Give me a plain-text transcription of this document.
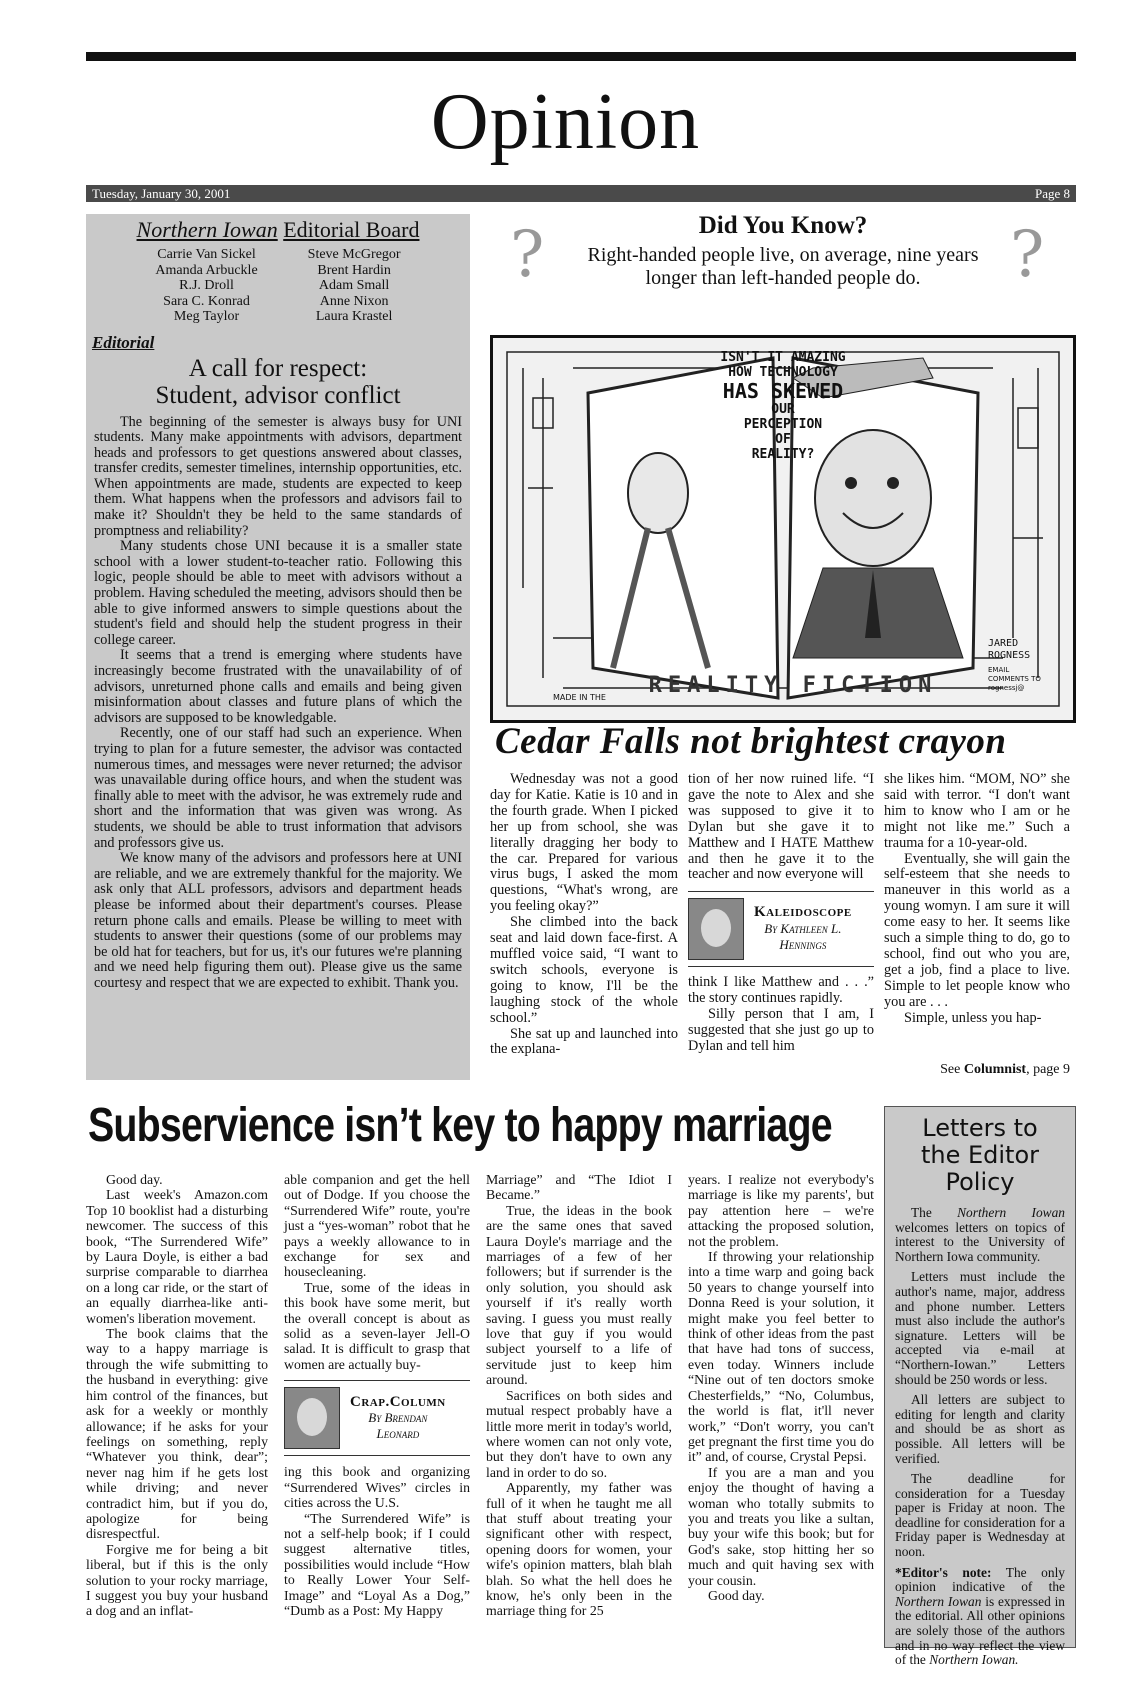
Opinion
Tuesday, January 30, 2001	Page 8
Northern Iowan Editorial Board
Carrie Van Sickel
Amanda Arbuckle
R.J. Droll
Sara C. Konrad
Meg Taylor
Steve McGregor
Brent Hardin
Adam Small
Anne Nixon
Laura Krastel
Editorial
A call for respect:
Student, advisor conflict

The beginning of the semester is always busy for UNI students. Many make appointments with advisors, department heads and professors to get questions answered about classes, transfer credits, semester timelines, internship opportunities, etc. When appointments are made, students are expected to keep them. What happens when the professors and advisors fail to make it? Shouldn't they be held to the same standards of promptness and reliability?

Many students chose UNI because it is a smaller state school with a lower student-to-teacher ratio. Following this logic, people should be able to meet with advisors without a problem. Having scheduled the meeting, advisors should then be able to give informed answers to simple questions about the student's field and should help the student progress in their college career.

It seems that a trend is emerging where students have increasingly become frustrated with the unavailability of of advisors, unreturned phone calls and emails and being given misinformation about classes and future plans of which the advisors are supposed to be knowledgable.

Recently, one of our staff had such an experience. When trying to plan for a future semester, the advisor was contacted numerous times, and messages were never returned; the advisor was unavailable during office hours, and when the student was finally able to meet with the advisor, he was extremely rude and short and the information that was given was wrong. As students, we should be able to trust information that advisors and professors give us.

We know many of the advisors and professors here at UNI are reliable, and we are extremely thankful for the majority. We ask only that ALL professors, advisors and department heads please be informed about their department's courses. Please return phone calls and emails. Please be willing to meet with students to answer their questions (some of our problems may be old hat for teachers, but for us, it's our futures we're planning and we need help figuring them out). Please give us the same courtesy and respect that we are expected to exhibit. Thank you.

?	?
Did You Know?
Right-handed people live, on average, nine years longer than left-handed people do.
ISN'T IT AMAZING
HOW TECHNOLOGY
HAS SKEWED
OUR
PERCEPTION
OF
REALITY?
REALITY FICTION
MADE IN THE
JARED ROGNESS
EMAIL COMMENTS TO rognessj@
Cedar Falls not brightest crayon

Wednesday was not a good day for Katie. Katie is 10 and in the fourth grade. When I picked her up from school, she was literally dragging her body to the car. Prepared for various virus bugs, I asked the mom questions, “What's wrong, are you feeling okay?”

She climbed into the back seat and laid down face-first. A muffled voice said, “I want to switch schools, everyone is going to know, I'll be the laughing stock of the whole school.”

She sat up and launched into the explana-

tion of her now ruined life. “I gave the note to Alex and she was supposed to give it to Dylan but she gave it to Matthew and I HATE Matthew and then he gave it to the teacher and now everyone will

Kaleidoscope
By Kathleen L.
Hennings

think I like Matthew and . . .” the story continues rapidly.

Silly person that I am, I suggested that she just go up to Dylan and tell him

she likes him. “MOM, NO” she said with terror. “I don't want him to know who I am or he might not like me.” Such a trauma for a 10-year-old.

Eventually, she will gain the self-esteem that she needs to maneuver in this world as a young womyn. I am sure it will come easy to her. It seems like such a simple thing to do, go to school, find out who you are, get a job, find a place to live. Simple to let people know who you are . . .

Simple, unless you hap-

See Columnist, page 9
Subservience isn’t key to happy marriage

Good day.

Last week's Amazon.com Top 10 booklist had a disturbing newcomer. The success of this book, “The Surrendered Wife” by Laura Doyle, is either a bad surprise comparable to diarrhea on a long car ride, or the start of an equally diarrhea-like anti-women's liberation movement.

The book claims that the way to a happy marriage is through the wife submitting to the husband in everything: give him control of the finances, but ask for a weekly or monthly allowance; if he asks for your feelings on something, reply “Whatever you think, dear”; never nag him if he gets lost while driving; and never contradict him, but if you do, apologize for being disrespectful.

Forgive me for being a bit liberal, but if this is the only solution to your rocky marriage, I suggest you buy your husband a dog and an inflat-

able companion and get the hell out of Dodge. If you choose the “Surrendered Wife” route, you're just a “yes-woman” robot that he pays a weekly allowance to in exchange for sex and housecleaning.

True, some of the ideas in this book have some merit, but the overall concept is about as solid as a seven-layer Jell-O salad. It is difficult to grasp that women are actually buy-

Crap.Column
By Brendan
Leonard

ing this book and organizing “Surrendered Wives” circles in cities across the U.S.

“The Surrendered Wife” is not a self-help book; if I could suggest alternative titles, possibilities would include “How to Really Lower Your Self-Image” and “Loyal As a Dog,” “Dumb as a Post: My Happy

Marriage” and “The Idiot I Became.”

True, the ideas in the book are the same ones that saved Laura Doyle's marriage and the marriages of a few of her followers; but if surrender is the only solution, you should ask yourself if it's really worth saving. I guess you must really love that guy if you would subject yourself to a life of servitude just to keep him around.

Sacrifices on both sides and mutual respect probably have a little more merit in today's world, where women can not only vote, but they don't have to own any land in order to do so.

Apparently, my father was full of it when he taught me all that stuff about treating your significant other with respect, opening doors for women, your wife's opinion matters, blah blah blah. So what the hell does he know, he's only been in the marriage thing for 25

years. I realize not everybody's marriage is like my parents', but pay attention here – we're attacking the proposed solution, not the problem.

If throwing your relationship into a time warp and going back 50 years to change yourself into Donna Reed is your solution, it might make you feel better to think of other ideas from the past that have had tons of success, even today. Winners include “Nine out of ten doctors smoke Chesterfields,” “No, Columbus, the world is flat, it'll never work,” “Don't worry, you can't get pregnant the first time you do it” and, of course, Crystal Pepsi.

If you are a man and you enjoy the thought of having a woman who totally submits to you and treats you like a sultan, buy your wife this book; but for God's sake, stop hitting her so much and quit having sex with your cousin.

Good day.

Letters to
the Editor
Policy

The Northern Iowan welcomes letters on topics of interest to the University of Northern Iowa community.

Letters must include the author's name, major, address and phone number. Letters must also include the author's signature. Letters will be accepted via e-mail at “Northern-Iowan.” Letters should be 250 words or less.

All letters are subject to editing for length and clarity and should be as short as possible. All letters will be verified.

The deadline for consideration for a Tuesday paper is Friday at noon. The deadline for consideration for a Friday paper is Wednesday at noon.

*Editor's note: The only opinion indicative of the Northern Iowan is expressed in the editorial. All other opinions are solely those of the authors and in no way reflect the view of the Northern Iowan.
